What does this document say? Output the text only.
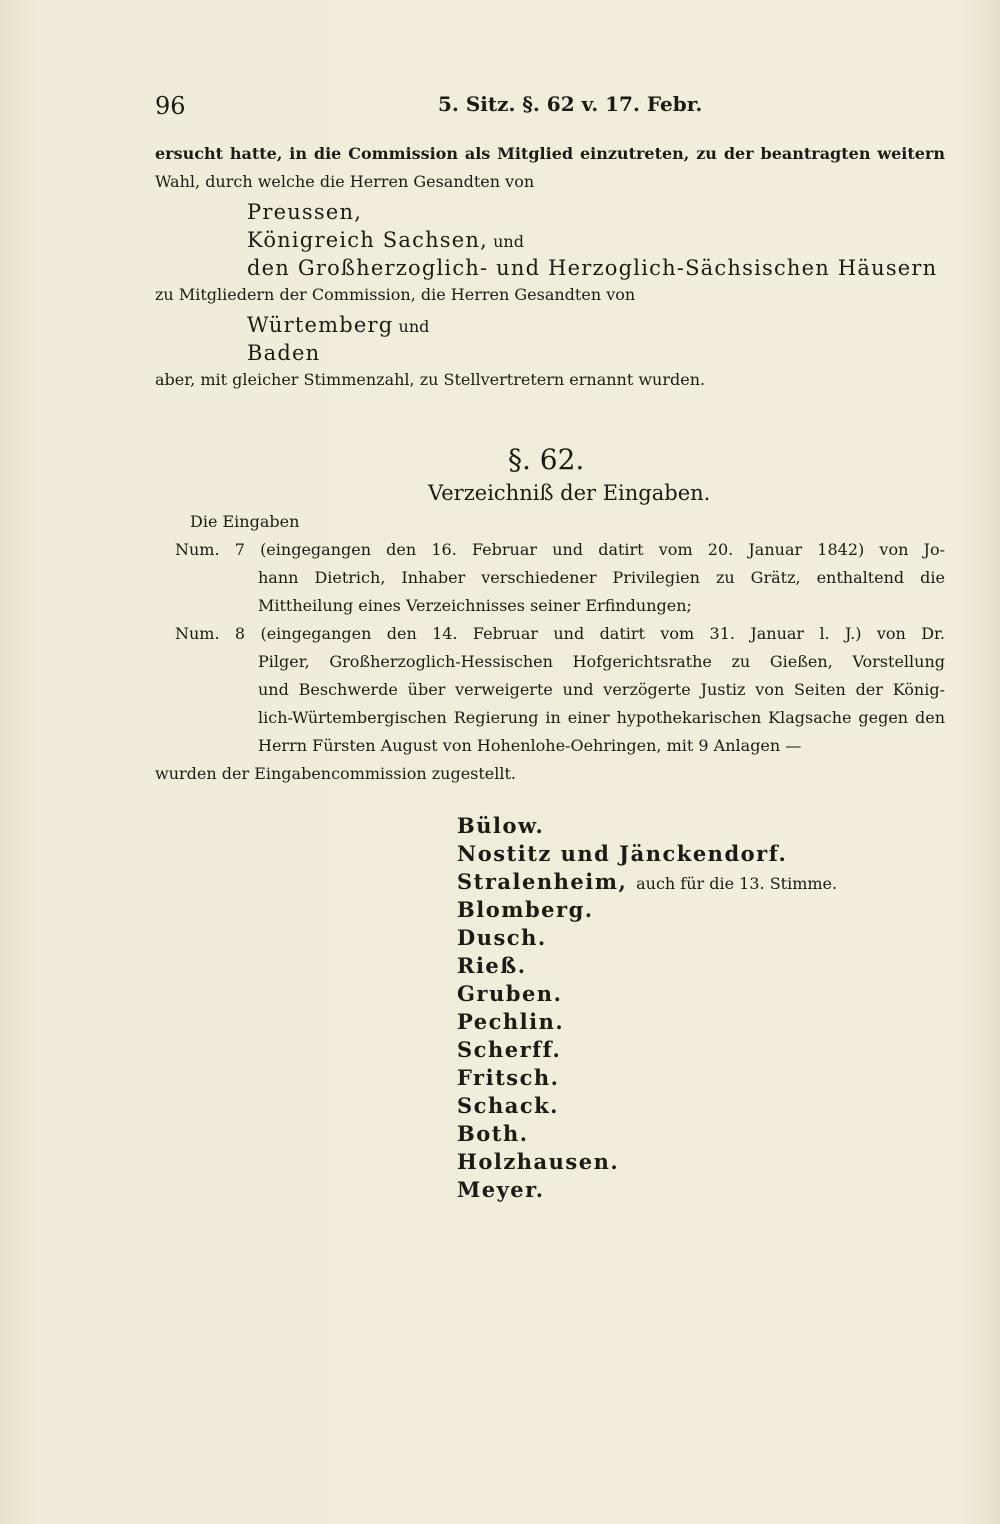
96	5. Sitz. §. 62 v. 17. Febr.
ersucht hatte, in die Commission als Mitglied einzutreten, zu der beantragten weitern
Wahl, durch welche die Herren Gesandten von
Preussen,
Königreich Sachsen, und
den Großherzoglich- und Herzoglich-Sächsischen Häusern
zu Mitgliedern der Commission, die Herren Gesandten von
Würtemberg und
Baden
aber, mit gleicher Stimmenzahl, zu Stellvertretern ernannt wurden.
§. 62.
Verzeichniß der Eingaben.
Die Eingaben
Num. 7 (eingegangen den 16. Februar und datirt vom 20. Januar 1842) von Jo-
hann Dietrich, Inhaber verschiedener Privilegien zu Grätz, enthaltend die
Mittheilung eines Verzeichnisses seiner Erfindungen;
Num. 8 (eingegangen den 14. Februar und datirt vom 31. Januar l. J.) von Dr.
Pilger, Großherzoglich-Hessischen Hofgerichtsrathe zu Gießen, Vorstellung
und Beschwerde über verweigerte und verzögerte Justiz von Seiten der König-
lich-Würtembergischen Regierung in einer hypothekarischen Klagsache gegen den
Herrn Fürsten August von Hohenlohe-Oehringen, mit 9 Anlagen —
wurden der Eingabencommission zugestellt.
Bülow.
Nostitz und Jänckendorf.
Stralenheim, auch für die 13. Stimme.
Blomberg.
Dusch.
Rieß.
Gruben.
Pechlin.
Scherff.
Fritsch.
Schack.
Both.
Holzhausen.
Meyer.
